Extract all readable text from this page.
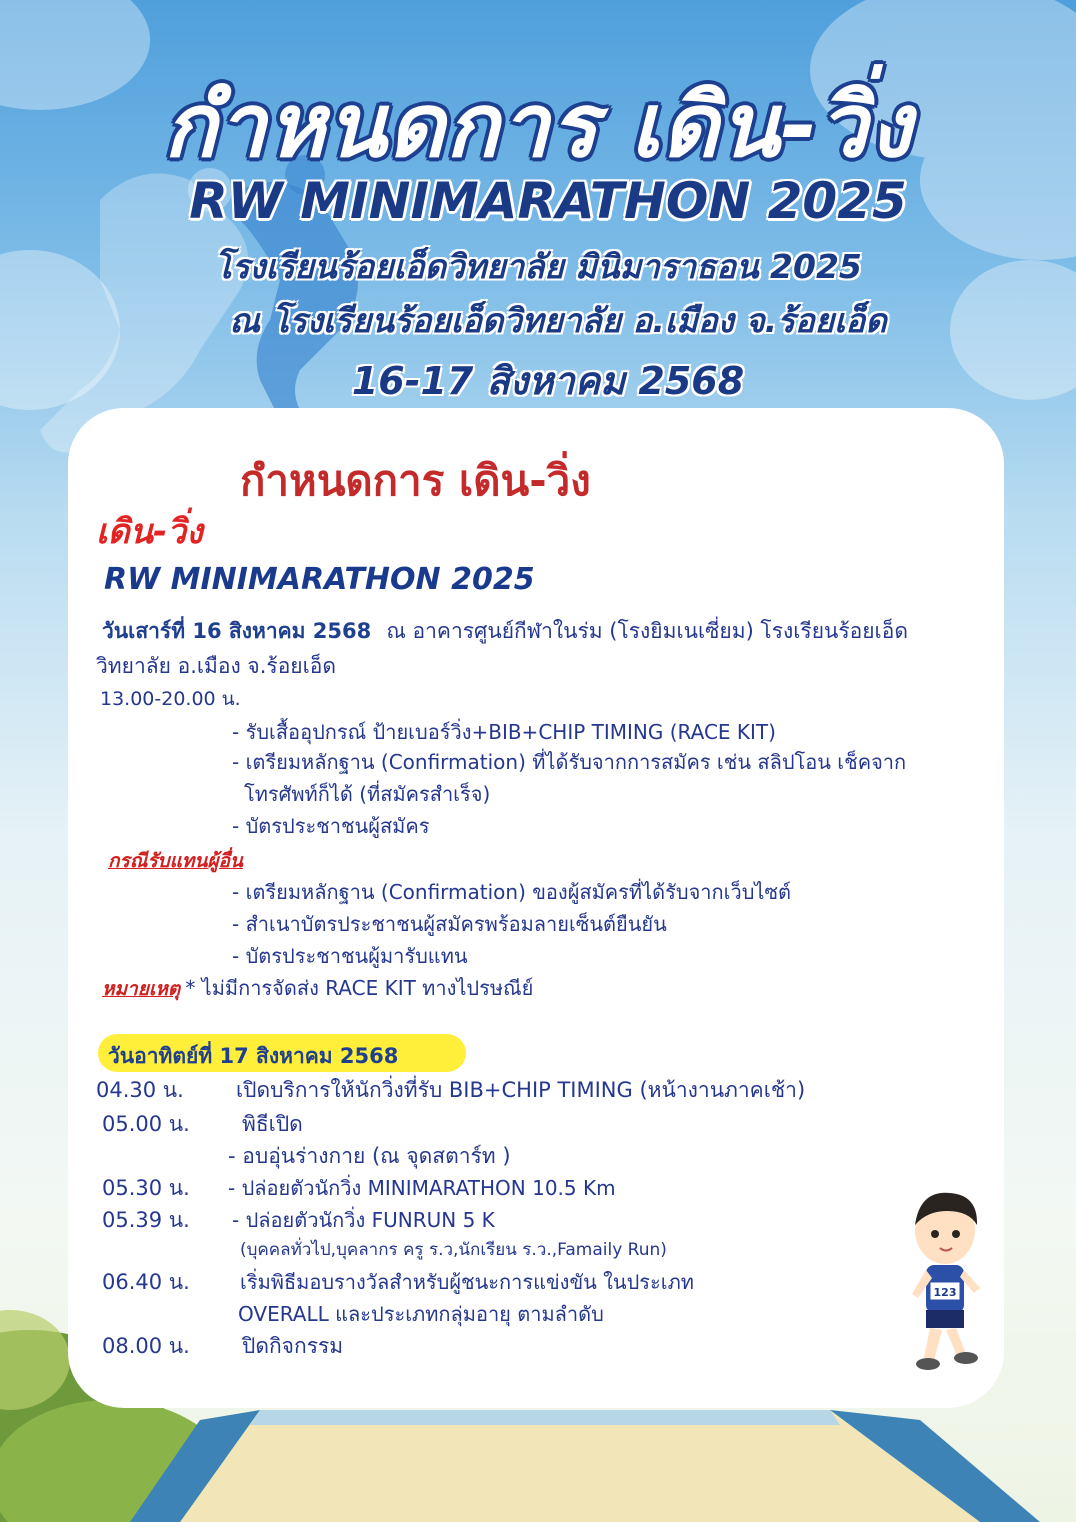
กำหนดการ เดิน-วิ่ง
RW MINIMARATHON 2025
โรงเรียนร้อยเอ็ดวิทยาลัย มินิมาราธอน 2025
ณ โรงเรียนร้อยเอ็ดวิทยาลัย อ.เมือง จ.ร้อยเอ็ด
16-17 สิงหาคม 2568
กำหนดการ เดิน-วิ่ง
เดิน-วิ่ง
RW MINIMARATHON 2025
วันเสาร์ที่ 16 สิงหาคม 2568 ณ อาคารศูนย์กีฬาในร่ม (โรงยิมเนเซี่ยม) โรงเรียนร้อยเอ็ด
วิทยาลัย อ.เมือง จ.ร้อยเอ็ด
13.00-20.00 น.
- รับเสื้ออุปกรณ์ ป้ายเบอร์วิ่ง+BIB+CHIP TIMING (RACE KIT)
- เตรียมหลักฐาน (Confirmation) ที่ได้รับจากการสมัคร เช่น สลิปโอน เช็คจาก
โทรศัพท์ก็ได้ (ที่สมัครสำเร็จ)
- บัตรประชาชนผู้สมัคร
กรณีรับแทนผู้อื่น
- เตรียมหลักฐาน (Confirmation) ของผู้สมัครที่ได้รับจากเว็บไซต์
- สำเนาบัตรประชาชนผู้สมัครพร้อมลายเซ็นต์ยืนยัน
- บัตรประชาชนผู้มารับแทน
หมายเหตุ * ไม่มีการจัดส่ง RACE KIT ทางไปรษณีย์
วันอาทิตย์ที่ 17 สิงหาคม 2568
04.30 น. เปิดบริการให้นักวิ่งที่รับ BIB+CHIP TIMING (หน้างานภาคเช้า)
05.00 น. พิธีเปิด
- อบอุ่นร่างกาย (ณ จุดสตาร์ท )
05.30 น. - ปล่อยตัวนักวิ่ง MINIMARATHON 10.5 Km
05.39 น. - ปล่อยตัวนักวิ่ง FUNRUN 5 K
(บุคคลทั่วไป,บุคลากร ครู ร.ว,นักเรียน ร.ว.,Famaily Run)
06.40 น.	เริ่มพิธีมอบรางวัลสำหรับผู้ชนะการแข่งขัน ในประเภท
OVERALL และประเภทกลุ่มอายุ ตามลำดับ
08.00 น. ปิดกิจกรรม
123
